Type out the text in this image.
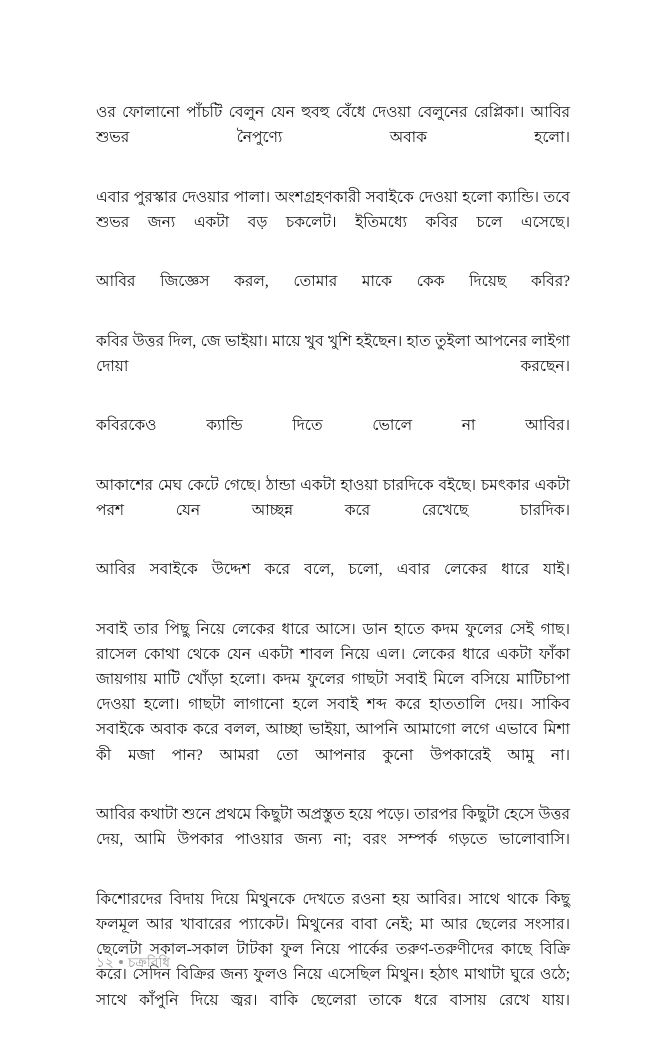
ওর ফোলানো পাঁচটি বেলুন যেন হুবহু বেঁধে দেওয়া বেলুনের রেপ্লিকা। আবির শুভর নৈপুণ্যে অবাক হলো।

এবার পুরস্কার দেওয়ার পালা। অংশগ্রহণকারী সবাইকে দেওয়া হলো ক্যান্ডি। তবে শুভর জন্য একটা বড় চকলেট। ইতিমধ্যে কবির চলে এসেছে।

আবির জিজ্ঞেস করল, তোমার মাকে কেক দিয়েছ কবির?

কবির উত্তর দিল, জে ভাইয়া। মায়ে খুব খুশি হইছেন। হাত তুইলা আপনের লাইগা দোয়া করছেন।

কবিরকেও ক্যান্ডি দিতে ভোলে না আবির।

আকাশের মেঘ কেটে গেছে। ঠান্ডা একটা হাওয়া চারদিকে বইছে। চমৎকার একটা পরশ যেন আচ্ছন্ন করে রেখেছে চারদিক।

আবির সবাইকে উদ্দেশ করে বলে, চলো, এবার লেকের ধারে যাই।

সবাই তার পিছু নিয়ে লেকের ধারে আসে। ডান হাতে কদম ফুলের সেই গাছ। রাসেল কোথা থেকে যেন একটা শাবল নিয়ে এল। লেকের ধারে একটা ফাঁকা জায়গায় মাটি খোঁড়া হলো। কদম ফুলের গাছটা সবাই মিলে বসিয়ে মাটিচাপা দেওয়া হলো। গাছটা লাগানো হলে সবাই শব্দ করে হাততালি দেয়। সাকিব সবাইকে অবাক করে বলল, আচ্ছা ভাইয়া, আপনি আমাগো লগে এভাবে মিশা কী মজা পান? আমরা তো আপনার কুনো উপকারেই আমু না।

আবির কথাটা শুনে প্রথমে কিছুটা অপ্রস্তুত হয়ে পড়ে। তারপর কিছুটা হেসে উত্তর দেয়, আমি উপকার পাওয়ার জন্য না; বরং সম্পর্ক গড়তে ভালোবাসি।

কিশোরদের বিদায় দিয়ে মিথুনকে দেখতে রওনা হয় আবির। সাথে থাকে কিছু ফলমূল আর খাবারের প্যাকেট। মিথুনের বাবা নেই; মা আর ছেলের সংসার। ছেলেটা সকাল-সকাল টাটকা ফুল নিয়ে পার্কের তরুণ-তরুণীদের কাছে বিক্রি করে। সেদিন বিক্রির জন্য ফুলও নিয়ে এসেছিল মিথুন। হঠাৎ মাথাটা ঘুরে ওঠে; সাথে কাঁপুনি দিয়ে জ্বর। বাকি ছেলেরা তাকে ধরে বাসায় রেখে যায়।

১২ চক্রবিধি
